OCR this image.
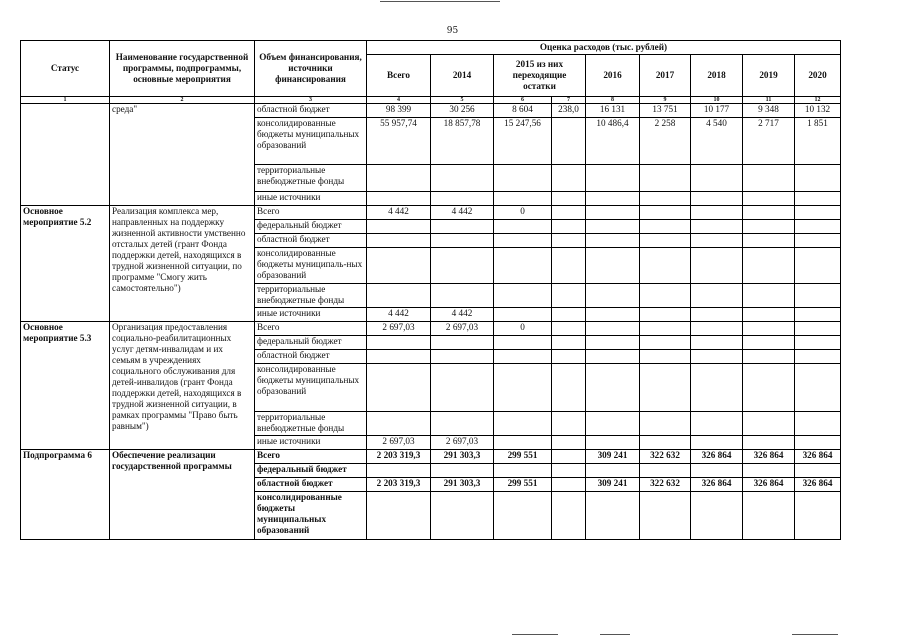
95
Статус	Наименование государственной программы, подпрограммы, основные мероприятия	Объем финансирования, источники финансирования	Оценка расходов (тыс. рублей)								
			Всего	2014	2015 из них переходящие остатки		2016	2017	2018	2019	2020
1	2	3	4	5	6	7	8	9	10	11	12
	среда"	областной бюджет	98 399	30 256	8 604	238,0	16 131	13 751	10 177	9 348	10 132
		консолидированные бюджеты муниципальных образований	55 957,74	18 857,78	15 247,56		10 486,4	2 258	4 540	2 717	1 851
		территориальные внебюджетные фонды									
		иные источники									
Основное мероприятие 5.2	Реализация комплекса мер, направленных на поддержку жизненной активности умственно отсталых детей (грант Фонда поддержки детей, находящихся в трудной жизненной ситуации, по программе "Смогу жить самостоятельно")	Всего	4 442	4 442	0						
		федеральный бюджет									
		областной бюджет									
		консолидированные бюджеты муниципаль-ных образований									
		территориальные внебюджетные фонды									
		иные источники	4 442	4 442							
Основное мероприятие 5.3	Организация предоставления социально-реабилитационных услуг детям-инвалидам и их семьям в учреждениях социального обслуживания для детей-инвалидов (грант Фонда поддержки детей, находящихся в трудной жизненной ситуации, в рамках программы "Право быть равным")	Всего	2 697,03	2 697,03	0						
		федеральный бюджет									
		областной бюджет									
		консолидированные бюджеты муниципальных образований									
		территориальные внебюджетные фонды									
		иные источники	2 697,03	2 697,03							
Подпрограмма 6	Обеспечение реализации государственной программы	Всего	2 203 319,3	291 303,3	299 551		309 241	322 632	326 864	326 864	326 864
		федеральный бюджет									
		областной бюджет	2 203 319,3	291 303,3	299 551		309 241	322 632	326 864	326 864	326 864
		консолидированные бюджеты муниципальных образований									
